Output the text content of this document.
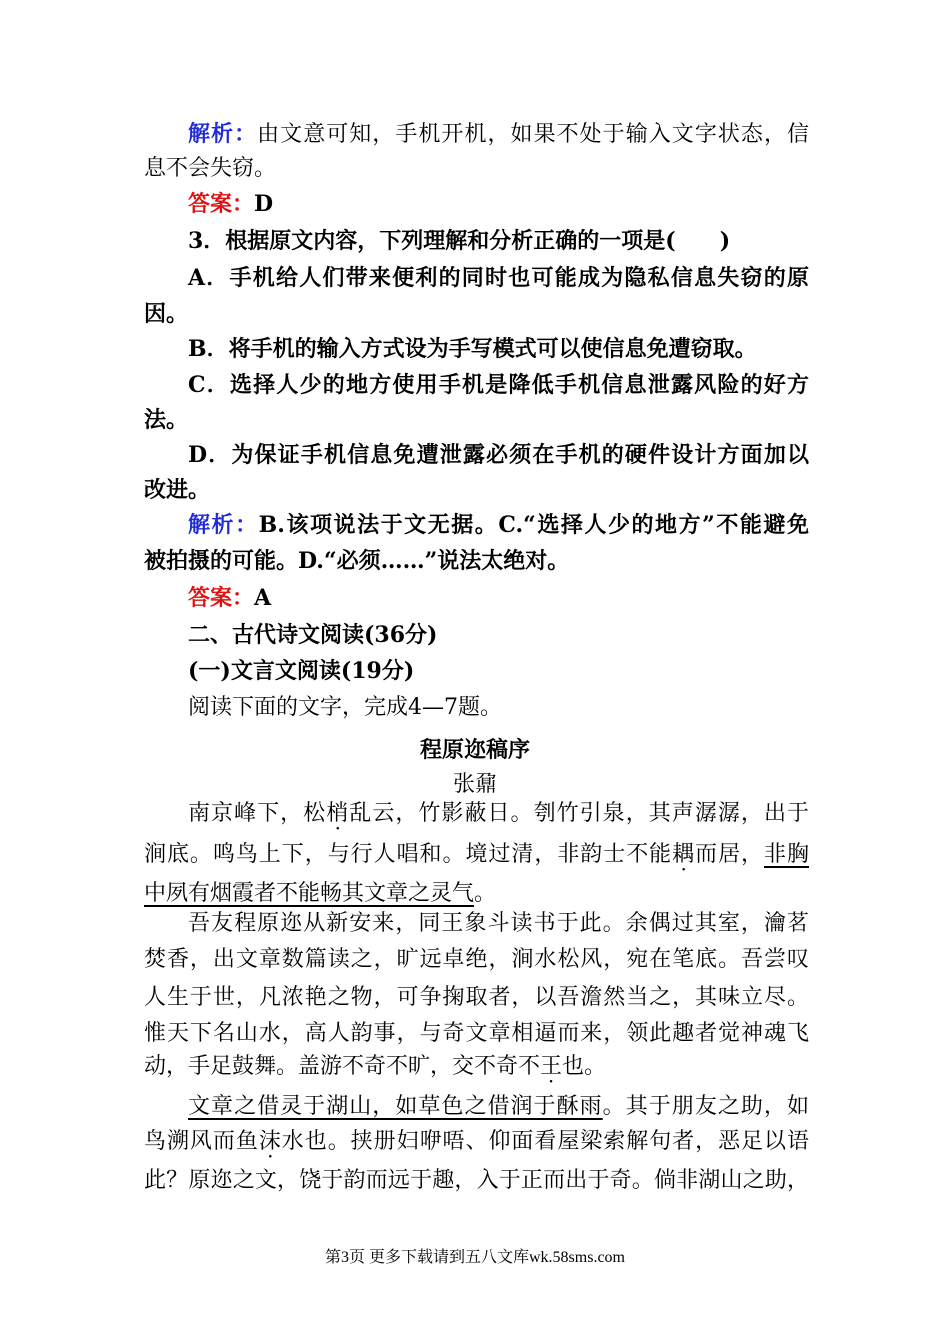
解析：由文意可知，手机开机，如果不处于输入文字状态，信
息不会失窃。
答案：D
3．根据原文内容，下列理解和分析正确的一项是(　　)
A．手机给人们带来便利的同时也可能成为隐私信息失窃的原
因。
B．将手机的输入方式设为手写模式可以使信息免遭窃取。
C．选择人少的地方使用手机是降低手机信息泄露风险的好方
法。
D．为保证手机信息免遭泄露必须在手机的硬件设计方面加以
改进。
解析：B.该项说法于文无据。C.“选择人少的地方”不能避免
被拍摄的可能。D.“必须……”说法太绝对。
答案：A
二、古代诗文阅读(36分)
(一)文言文阅读(19分)
阅读下面的文字，完成4—7题。
程原迩稿序
张鼐
南京峰下，松梢乱云，竹影蔽日。刳竹引泉，其声潺潺，出于
涧底。鸣鸟上下，与行人唱和。境过清，非韵士不能耦而居，非胸
中夙有烟霞者不能畅其文章之灵气。
吾友程原迩从新安来，同王象斗读书于此。余偶过其室，瀹茗
焚香，出文章数篇读之，旷远卓绝，涧水松风，宛在笔底。吾尝叹
人生于世，凡浓艳之物，可争掬取者，以吾澹然当之，其味立尽。
惟天下名山水，高人韵事，与奇文章相逼而来，领此趣者觉神魂飞
动，手足鼓舞。盖游不奇不旷，交不奇不王也。
文章之借灵于湖山，如草色之借润于酥雨。其于朋友之助，如
鸟溯风而鱼沫水也。挟册妇咿唔、仰面看屋梁索解句者，恶足以语
此？原迩之文，饶于韵而远于趣，入于正而出于奇。倘非湖山之助，
第3页 更多下载请到五八文库wk.58sms.com
